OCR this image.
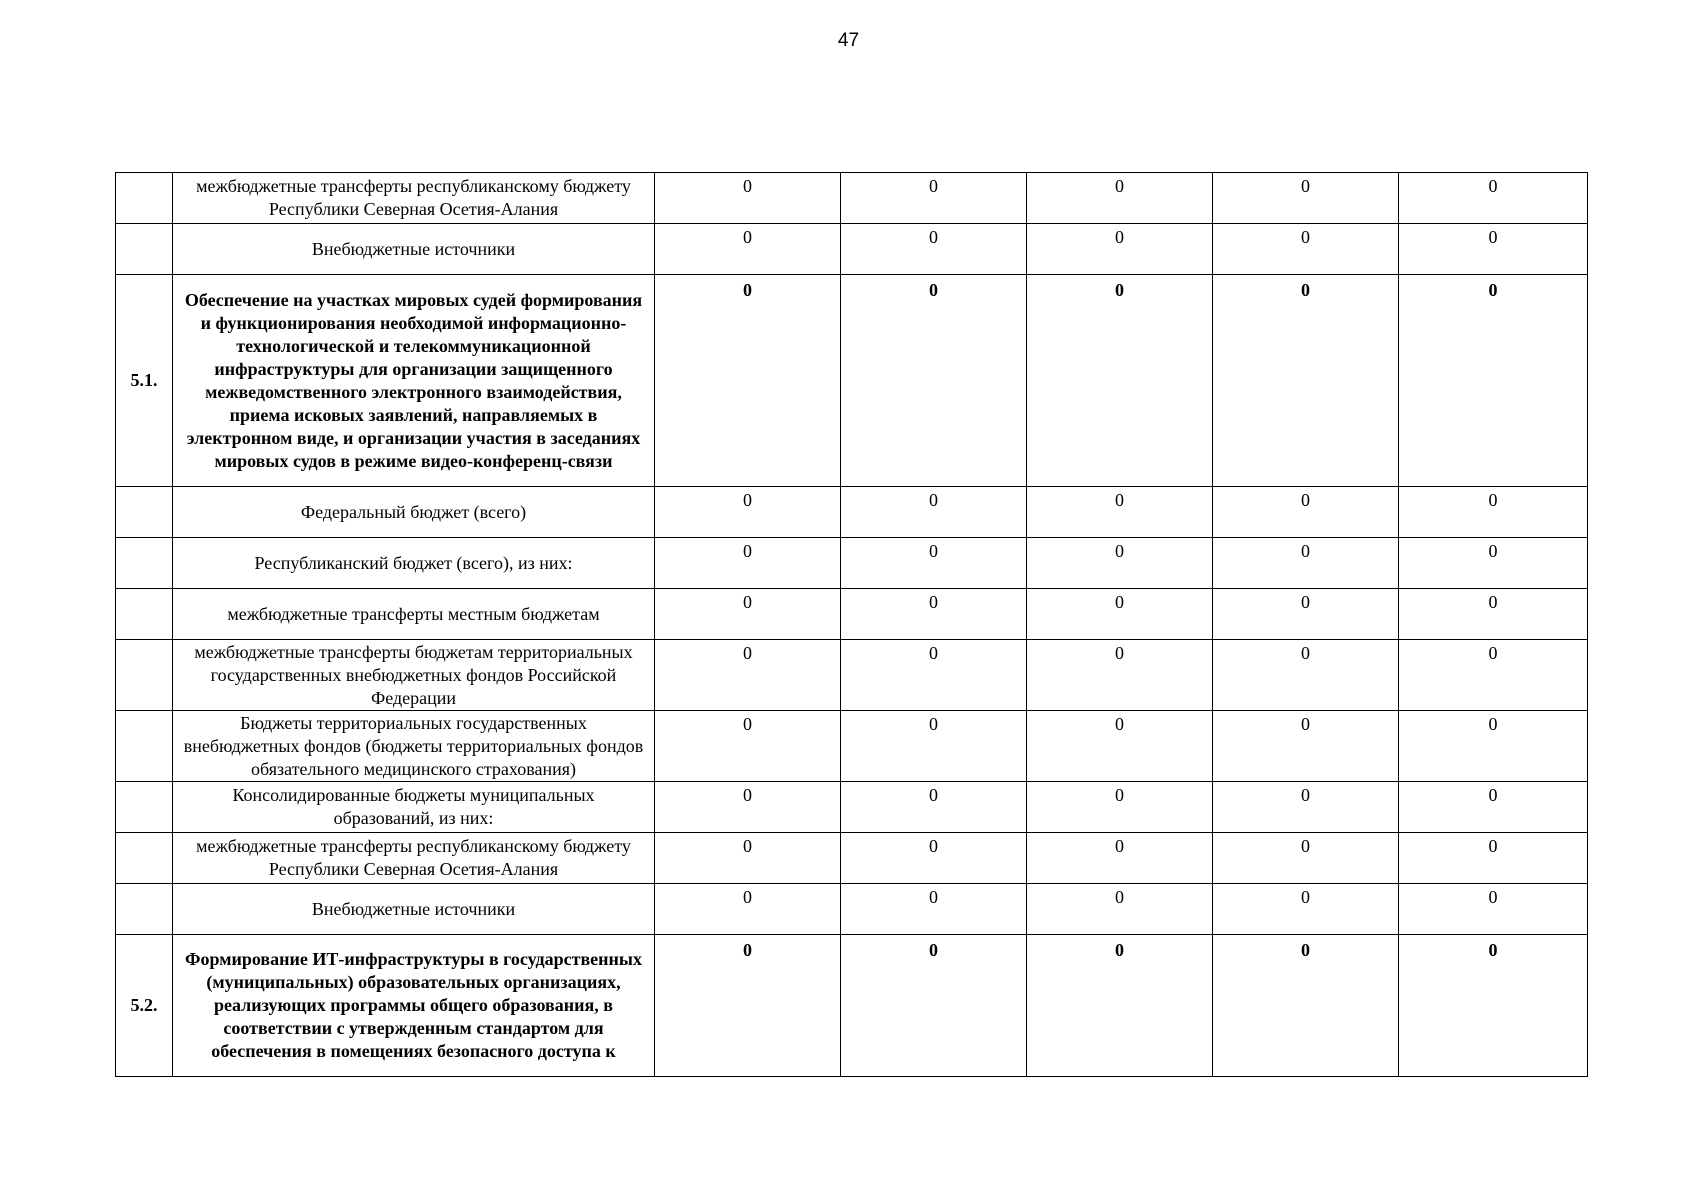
47
	межбюджетные трансферты республиканскому бюджету Республики Северная Осетия-Алания	0	0	0	0	0
	Внебюджетные источники	0	0	0	0	0
5.1.	Обеспечение на участках мировых судей формирования и функционирования необходимой информационно-технологической и телекоммуникационной инфраструктуры для организации защищенного межведомственного электронного взаимодействия, приема исковых заявлений, направляемых в электронном виде, и организации участия в заседаниях мировых судов в режиме видео-конференц-связи	0	0	0	0	0
	Федеральный бюджет (всего)	0	0	0	0	0
	Республиканский бюджет (всего), из них:	0	0	0	0	0
	межбюджетные трансферты местным бюджетам	0	0	0	0	0
	межбюджетные трансферты бюджетам территориальных государственных внебюджетных фондов Российской Федерации	0	0	0	0	0
	Бюджеты территориальных государственных внебюджетных фондов (бюджеты территориальных фондов обязательного медицинского страхования)	0	0	0	0	0
	Консолидированные бюджеты муниципальных образований, из них:	0	0	0	0	0
	межбюджетные трансферты республиканскому бюджету Республики Северная Осетия-Алания	0	0	0	0	0
	Внебюджетные источники	0	0	0	0	0
5.2.	Формирование ИТ-инфраструктуры в государственных (муниципальных) образовательных организациях, реализующих программы общего образования, в соответствии с утвержденным стандартом для обеспечения в помещениях безопасного доступа к	0	0	0	0	0
